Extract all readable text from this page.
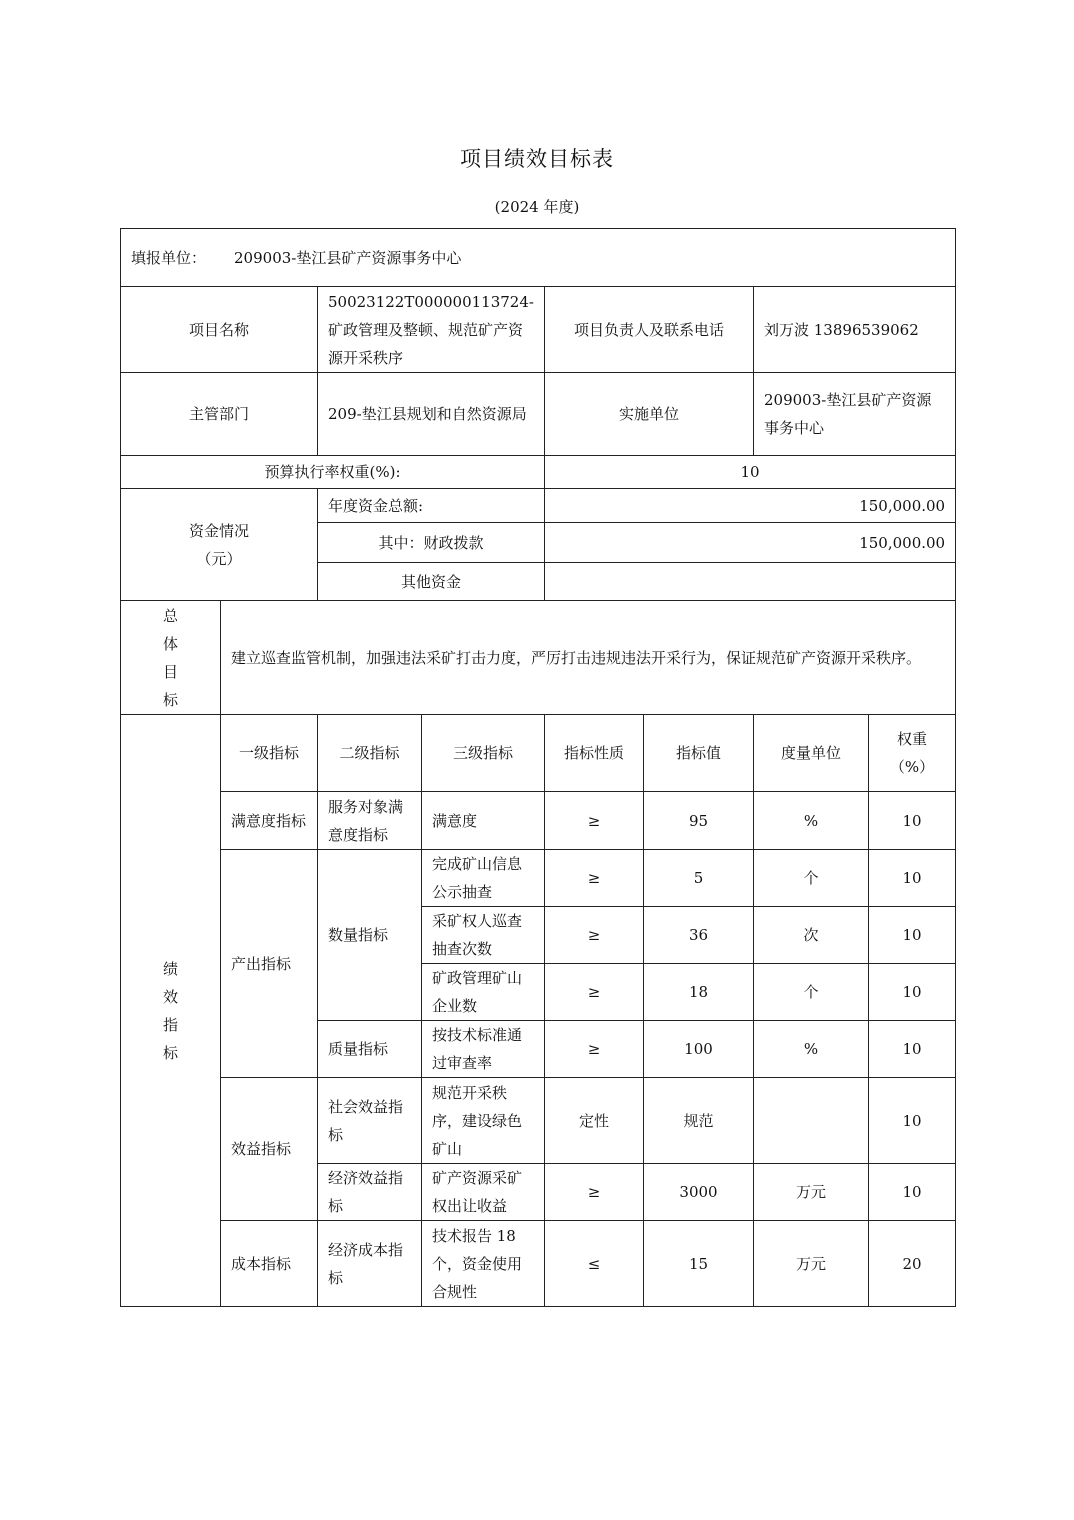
项目绩效目标表
(2024 年度)
填报单位： 209003-垫江县矿产资源事务中心							
项目名称		50023122T000000113724-矿政管理及整顿、规范矿产资源开采秩序		项目负责人及联系电话		刘万波 13896539062	
主管部门		209-垫江县规划和自然资源局		实施单位		209003-垫江县矿产资源事务中心	
预算执行率权重(%):				10			

资金情况
（元）		年度资金总额:		150,000.00			
		其中：财政拨款		150,000.00			
		其他资金					

总
体
目
标	建立巡查监管机制，加强违法采矿打击力度，严厉打击违规违法开采行为，保证规范矿产资源开采秩序。						

绩
效
指
标	一级指标	二级指标	三级指标	指标性质	指标值	度量单位	权重（%）
	满意度指标	服务对象满意度指标	满意度	≥	95	%	10
	产出指标	数量指标	完成矿山信息公示抽查	≥	5	个	10
			采矿权人巡查抽查次数	≥	36	次	10
			矿政管理矿山企业数	≥	18	个	10
		质量指标	按技术标准通过审查率	≥	100	%	10
	效益指标	社会效益指标	规范开采秩序，建设绿色矿山	定性	规范		10
		经济效益指标	矿产资源采矿权出让收益	≥	3000	万元	10
	成本指标	经济成本指标	技术报告 18 个，资金使用合规性	≤	15	万元	20
